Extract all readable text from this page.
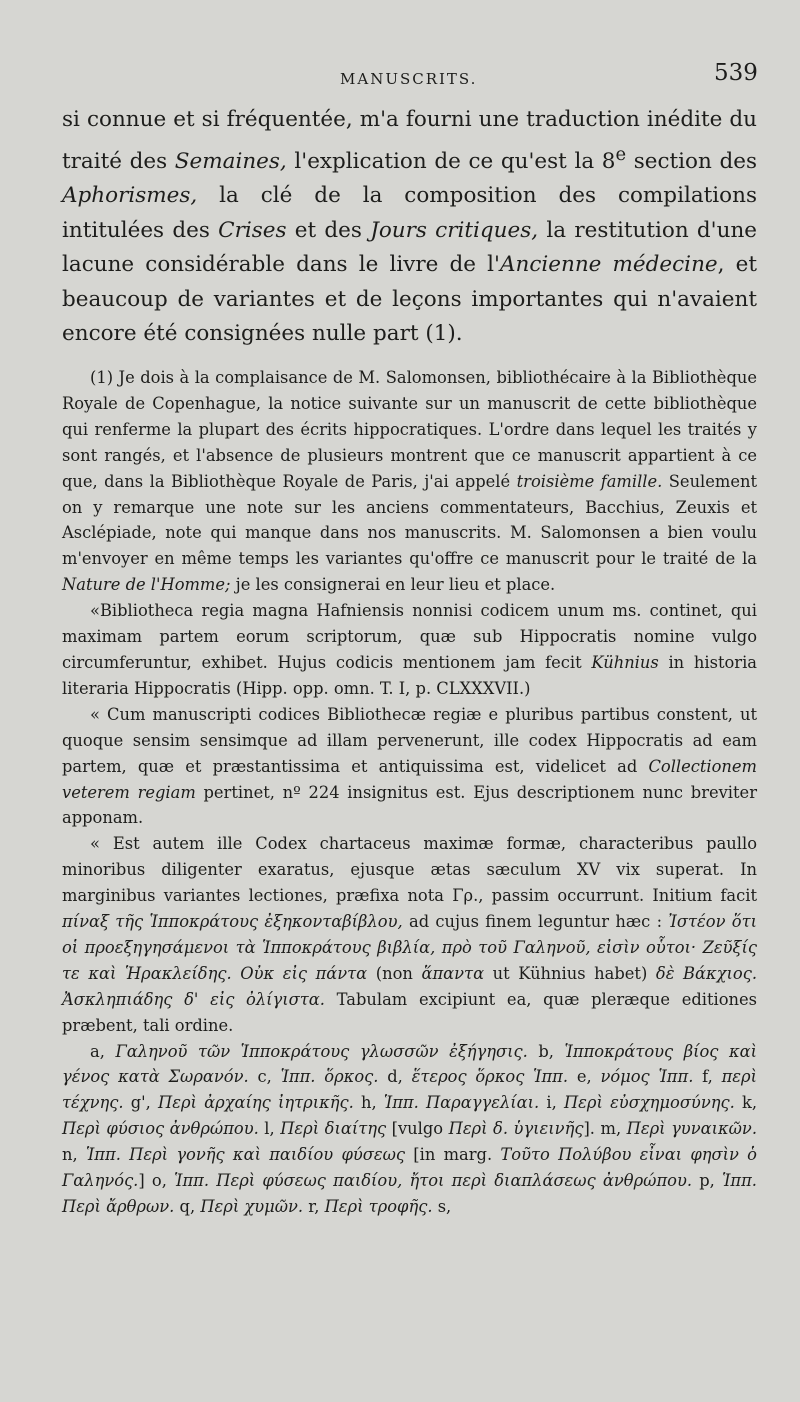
MANUSCRITS.	539

si connue et si fréquentée, m'a fourni une traduction inédite du traité des Semaines, l'explication de ce qu'est la 8e section des Aphorismes, la clé de la composition des compilations intitulées des Crises et des Jours critiques, la restitution d'une lacune considérable dans le livre de l'Ancienne médecine, et beaucoup de variantes et de leçons importantes qui n'avaient encore été consignées nulle part (1).

(1) Je dois à la complaisance de M. Salomonsen, bibliothécaire à la Bibliothèque Royale de Copenhague, la notice suivante sur un manuscrit de cette bibliothèque qui renferme la plupart des écrits hippocratiques. L'ordre dans lequel les traités y sont rangés, et l'absence de plusieurs montrent que ce manuscrit appartient à ce que, dans la Bibliothèque Royale de Paris, j'ai appelé troisième famille. Seulement on y remarque une note sur les anciens commentateurs, Bacchius, Zeuxis et Asclépiade, note qui manque dans nos manuscrits. M. Salomonsen a bien voulu m'envoyer en même temps les variantes qu'offre ce manuscrit pour le traité de la Nature de l'Homme; je les consignerai en leur lieu et place.

«Bibliotheca regia magna Hafniensis nonnisi codicem unum ms. continet, qui maximam partem eorum scriptorum, quæ sub Hippocratis nomine vulgo circumferuntur, exhibet. Hujus codicis mentionem jam fecit Kühnius in historia literaria Hippocratis (Hipp. opp. omn. T. I, p. CLXXXVII.)

« Cum manuscripti codices Bibliothecæ regiæ e pluribus partibus constent, ut quoque sensim sensimque ad illam pervenerunt, ille codex Hippocratis ad eam partem, quæ et præstantissima et antiquissima est, videlicet ad Collectionem veterem regiam pertinet, nº 224 insignitus est. Ejus descriptionem nunc breviter apponam.

« Est autem ille Codex chartaceus maximæ formæ, characteribus paullo minoribus diligenter exaratus, ejusque ætas sæculum XV vix superat. In marginibus variantes lectiones, præfixa nota Γρ., passim occurrunt. Initium facit πίναξ τῆς Ἱπποκράτους ἐξηκονταβίβλου, ad cujus finem leguntur hæc : Ἰστέον ὅτι οἱ προεξηγησάμενοι τὰ Ἱπποκράτους βιβλία, πρὸ τοῦ Γαληνοῦ, εἰσὶν οὗτοι· Ζεῦξίς τε καὶ Ἡρακλείδης. Οὐκ εἰς πάντα (non ἅπαντα ut Kühnius habet) δὲ Βάκχιος. Ἀσκληπιάδης δ' εἰς ὀλίγιστα. Tabulam excipiunt ea, quæ pleræque editiones præbent, tali ordine.

a, Γαληνοῦ τῶν Ἱπποκράτους γλωσσῶν ἐξήγησις. b, Ἱπποκράτους βίος καὶ γένος κατὰ Σωρανόν. c, Ἱππ. ὅρκος. d, ἕτερος ὅρκος Ἱππ. e, νόμος Ἱππ. f, περὶ τέχνης. g', Περὶ ἀρχαίης ἰητρικῆς. h, Ἱππ. Παραγγελίαι. i, Περὶ εὐσχημοσύνης. k, Περὶ φύσιος ἀνθρώπου. l, Περὶ διαίτης [vulgo Περὶ δ. ὑγιεινῆς]. m, Περὶ γυναικῶν. n, Ἱππ. Περὶ γονῆς καὶ παιδίου φύσεως [in marg. Τοῦτο Πολύβου εἶναι φησὶν ὁ Γαληνός.] o, Ἱππ. Περὶ φύσεως παιδίου, ἤτοι περὶ διαπλάσεως ἀνθρώπου. p, Ἱππ. Περὶ ἄρθρων. q, Περὶ χυμῶν. r, Περὶ τροφῆς. s,
